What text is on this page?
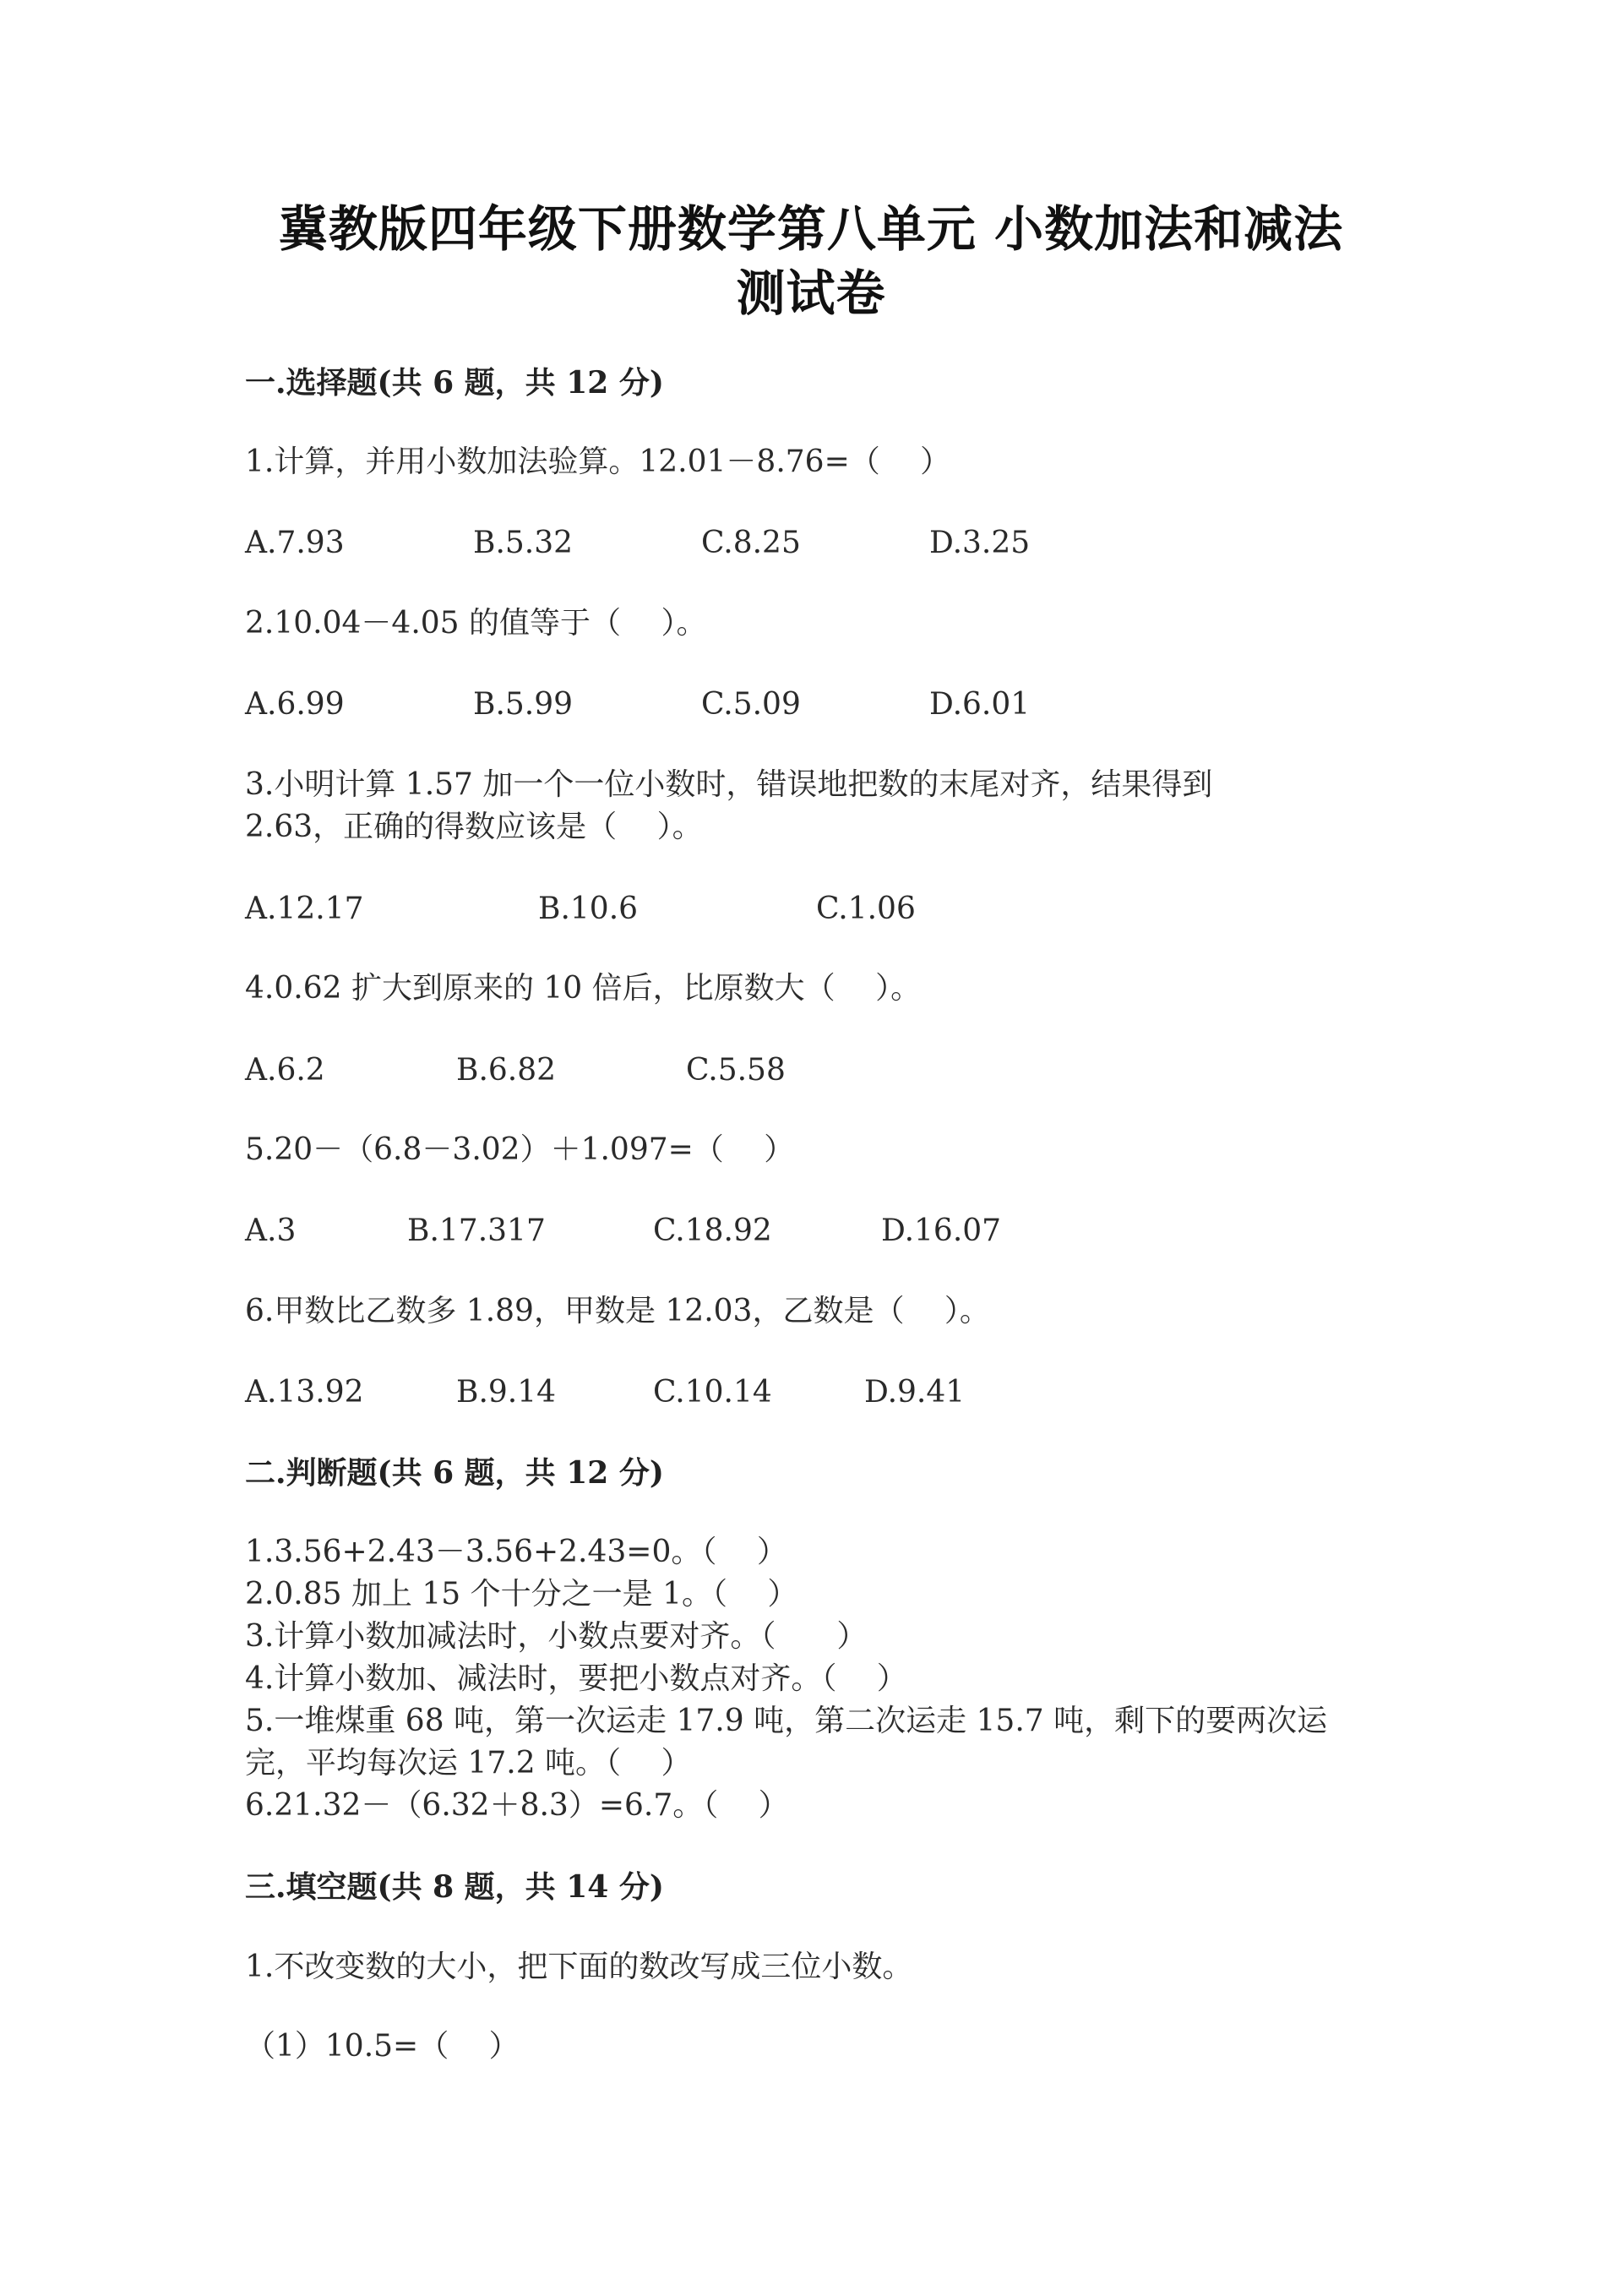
冀教版四年级下册数学第八单元 小数加法和减法
测试卷
一.选择题(共 6 题，共 12 分)
1.计算，并用小数加法验算。12.01－8.76=（　 ）
A.7.93	B.5.32	C.8.25	D.3.25
2.10.04－4.05 的值等于（　 ）。
A.6.99	B.5.99	C.5.09	D.6.01
3.小明计算 1.57 加一个一位小数时，错误地把数的末尾对齐，结果得到
2.63，正确的得数应该是（　 ）。
A.12.17	B.10.6	C.1.06
4.0.62 扩大到原来的 10 倍后，比原数大（　 ）。
A.6.2	B.6.82	C.5.58
5.20－（6.8－3.02）＋1.097=（　 ）
A.3	B.17.317	C.18.92	D.16.07
6.甲数比乙数多 1.89，甲数是 12.03，乙数是（　 ）。
A.13.92	B.9.14	C.10.14	D.9.41
二.判断题(共 6 题，共 12 分)
1.3.56+2.43－3.56+2.43=0。（　 ）
2.0.85 加上 15 个十分之一是 1。（　 ）
3.计算小数加减法时，小数点要对齐。（　　）
4.计算小数加、减法时，要把小数点对齐。（　 ）
5.一堆煤重 68 吨，第一次运走 17.9 吨，第二次运走 15.7 吨，剩下的要两次运
完，平均每次运 17.2 吨。（　 ）
6.21.32－（6.32＋8.3）=6.7。（　 ）
三.填空题(共 8 题，共 14 分)
1.不改变数的大小，把下面的数改写成三位小数。
（1）10.5=（　 ）
